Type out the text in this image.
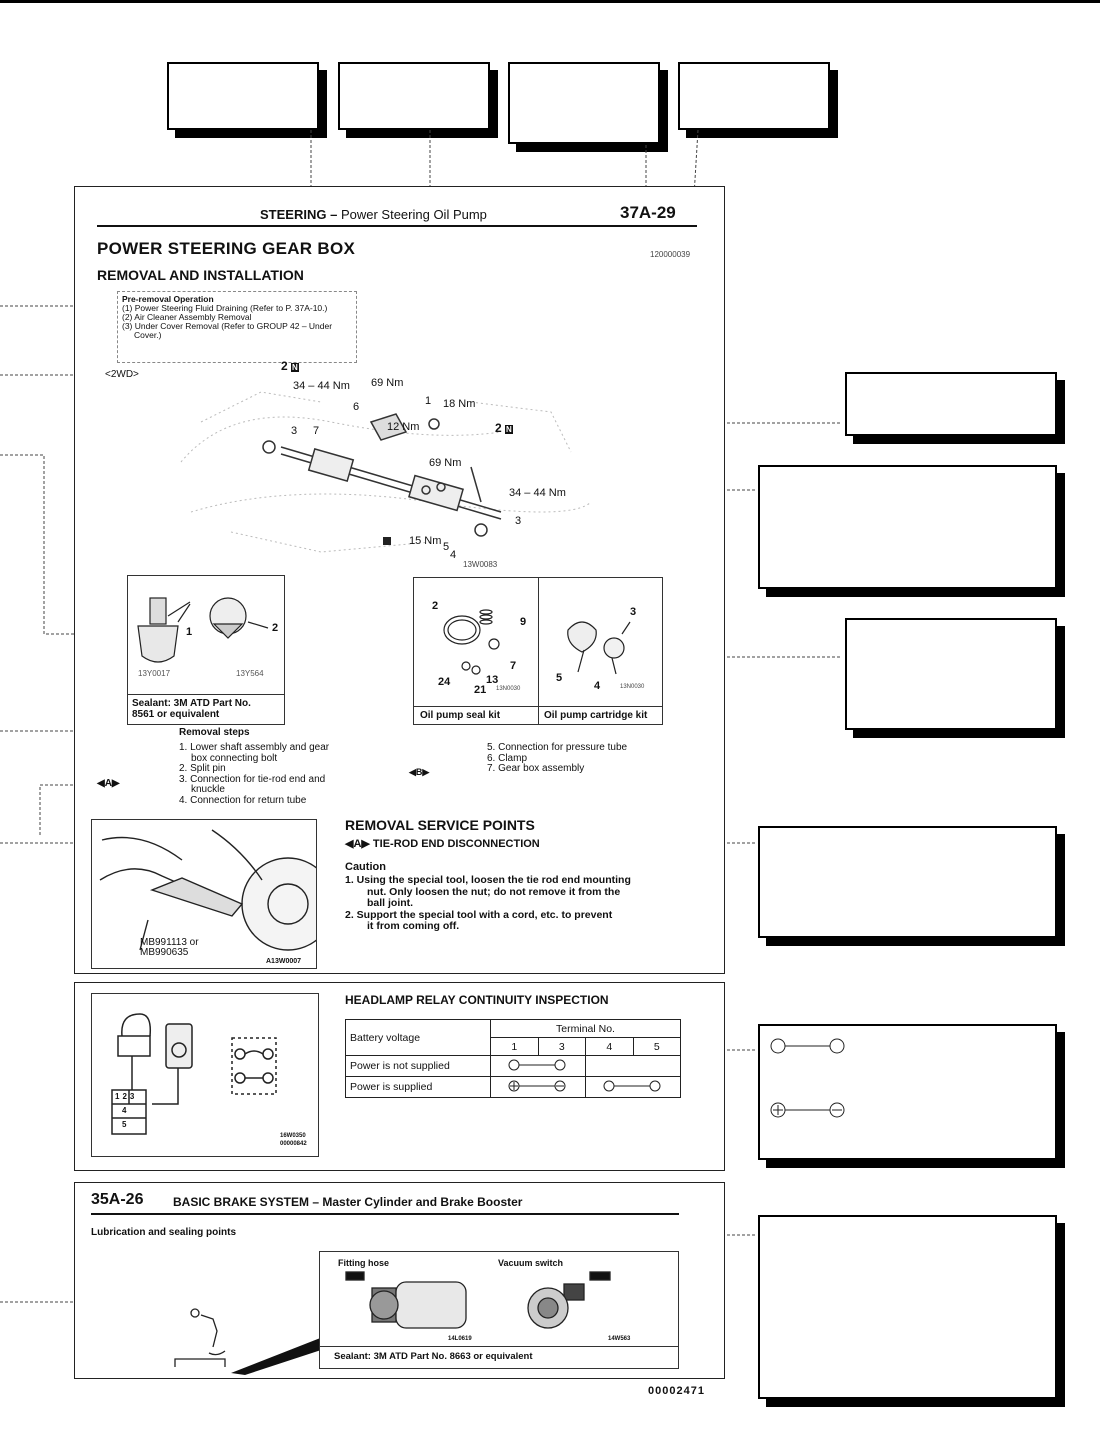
STEERING – Power Steering Oil Pump	37A-29
POWER STEERING GEAR BOX	120000039
REMOVAL AND INSTALLATION
Pre-removal Operation
(1) Power Steering Fluid Draining (Refer to P. 37A-10.)
(2) Air Cleaner Assembly Removal
(3) Under Cover Removal (Refer to GROUP 42 – Under
Cover.)
<2WD>
2 N
34 – 44 Nm 69 Nm
1 18 Nm
6
12 Nm	2 N
3 7
69 Nm
34 – 44 Nm
3
15 Nm 5
4
13W0083
1	2
13Y0017	13Y564
Sealant: 3M ATD Part No.
8561 or equivalent
2
9
7
24
21
13
13N0030
Oil pump seal kit
3
5
4	13N0030
Oil pump cartridge kit
Removal steps
◀A▶
◀B▶
1. Lower shaft assembly and gear
box connecting bolt
2. Split pin
3. Connection for tie-rod end and
knuckle
4. Connection for return tube
5. Connection for pressure tube
6. Clamp
7. Gear box assembly
MB991113 or
MB990635
A13W0007
REMOVAL SERVICE POINTS
◀A▶ TIE-ROD END DISCONNECTION
Caution
1. Using the special tool, loosen the tie rod end mounting
nut. Only loosen the nut; do not remove it from the
ball joint.
2. Support the special tool with a cord, etc. to prevent
it from coming off.
123
4
5
16W0350
00000842
HEADLAMP RELAY CONTINUITY INSPECTION
Battery voltage	Terminal No.			
	1	3	4	5
Power is not supplied		
Power is supplied		
35A-26 BASIC BRAKE SYSTEM – Master Cylinder and Brake Booster
Lubrication and sealing points
Fitting hose	Vacuum switch
14L0619	14W563
Sealant: 3M ATD Part No. 8663 or equivalent
00002471
